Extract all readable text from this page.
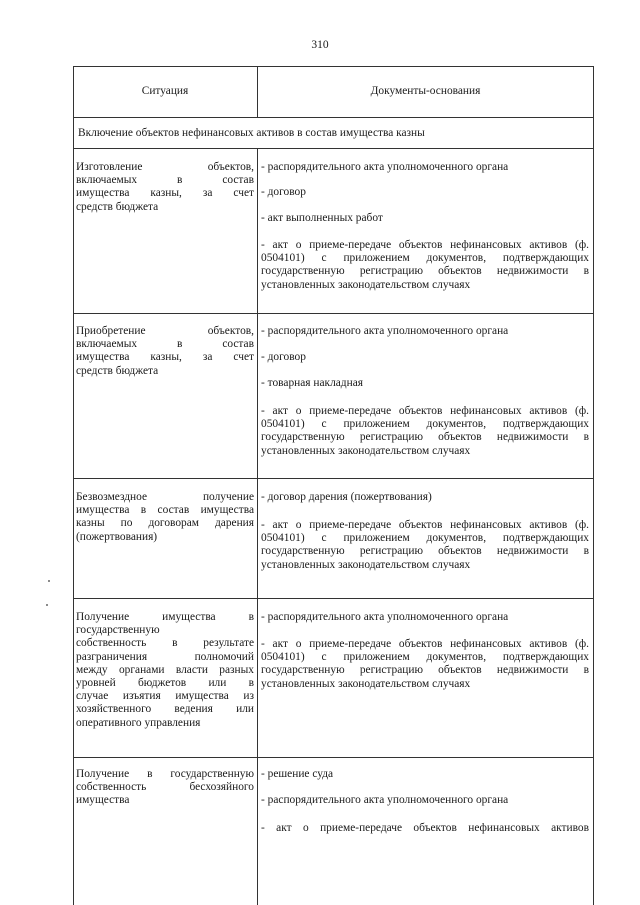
310
Ситуация	Документы-основания
Включение объектов нефинансовых активов в состав имущества казны
Изготовление объектов,
включаемых в состав
имущества казны, за счет
средств бюджета
- распорядительного акта уполномоченного органа
- договор
- акт выполненных работ
- акт о приеме-передаче объектов нефинансовых активов (ф. 0504101) с приложением документов, подтверждающих государственную регистрацию объектов недвижимости в установленных законодательством случаях
Приобретение объектов,
включаемых в состав
имущества казны, за счет
средств бюджета
- распорядительного акта уполномоченного органа
- договор
- товарная накладная
- акт о приеме-передаче объектов нефинансовых активов (ф. 0504101) с приложением документов, подтверждающих государственную регистрацию объектов недвижимости в установленных законодательством случаях
Безвозмездное получение
имущества в состав имущества
казны по договорам дарения
(пожертвования)
- договор дарения (пожертвования)
- акт о приеме-передаче объектов нефинансовых активов (ф. 0504101) с приложением документов, подтверждающих государственную регистрацию объектов недвижимости в установленных законодательством случаях
Получение имущества в
государственную
собственность в результате
разграничения полномочий
между органами власти разных
уровней бюджетов или в
случае изъятия имущества из
хозяйственного ведения или
оперативного управления
- распорядительного акта уполномоченного органа
- акт о приеме-передаче объектов нефинансовых активов (ф. 0504101) с приложением документов, подтверждающих государственную регистрацию объектов недвижимости в установленных законодательством случаях
Получение в государственную
собственность бесхозяйного
имущества
- решение суда
- распорядительного акта уполномоченного органа
- акт о приеме-передаче объектов нефинансовых активов
